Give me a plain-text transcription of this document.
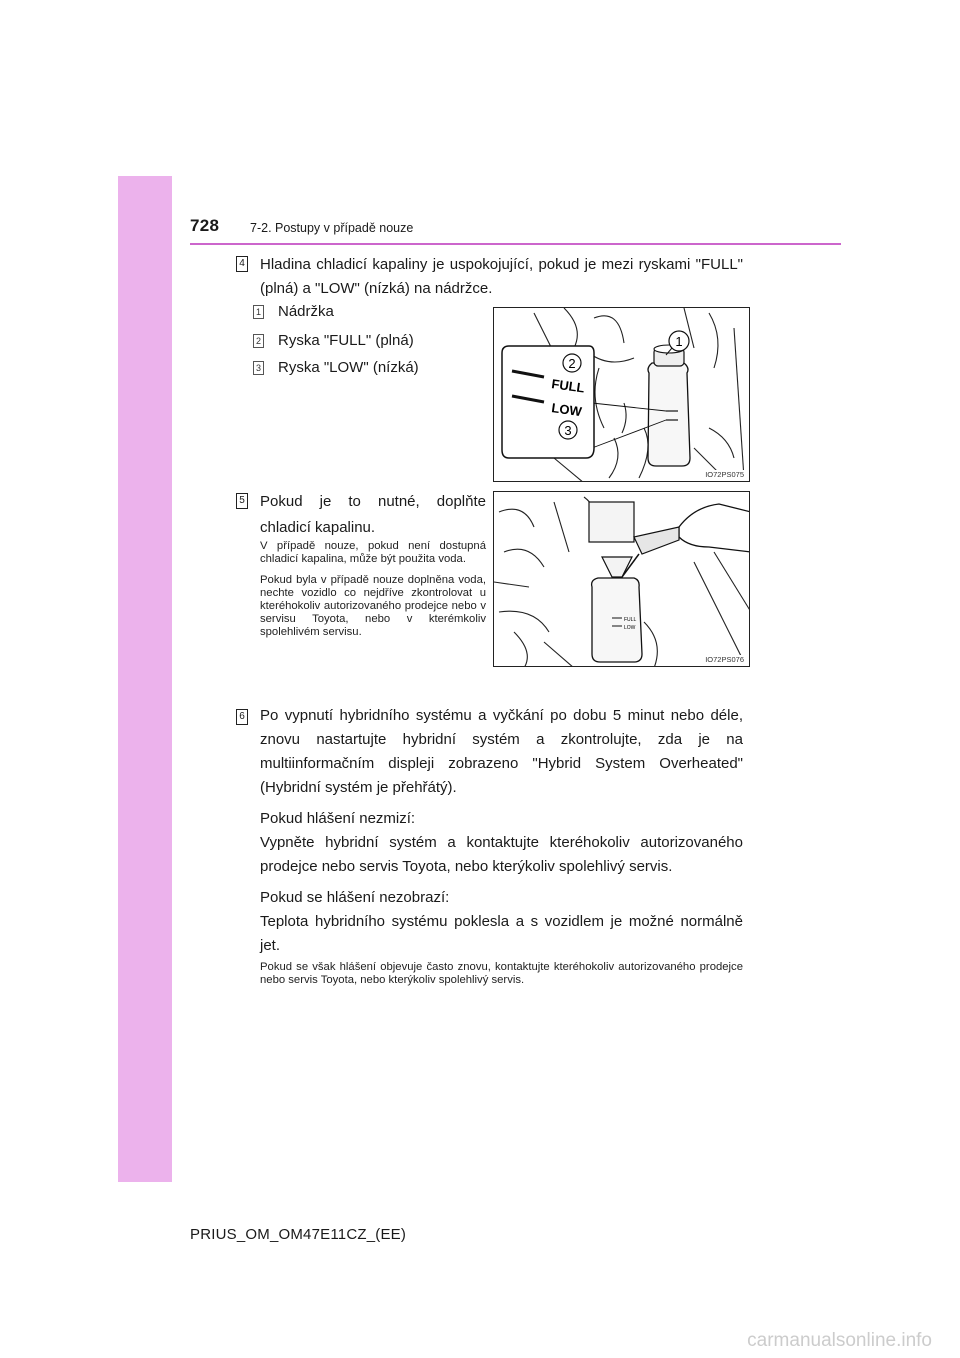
728 7-2. Postupy v případě nouze
4 Hladina chladicí kapaliny je uspokojující, pokud je mezi ryskami "FULL" (plná) a "LOW" (nízká) na nádržce.

1 Nádržka
2 Ryska "FULL" (plná)
3 Ryska "LOW" (nízká)
1
2
3
FULL
LOW
IO72PS075
5 Pokud je to nutné, doplňte chladicí kapalinu.

V případě nouze, pokud není dostupná chladicí kapalina, může být použita voda.

Pokud byla v případě nouze doplněna voda, nechte vozidlo co nejdříve zkontrolovat u kteréhokoliv autorizovaného prodejce nebo v servisu Toyota, nebo v kterémkoliv spolehlivém servisu.

FULL
LOW
IO72PS076
6 Po vypnutí hybridního systému a vyčkání po dobu 5 minut nebo déle, znovu nastartujte hybridní systém a zkontrolujte, zda je na multiinformačním displeji zobrazeno "Hybrid System Overheated" (Hybridní systém je přehřátý).

Pokud hlášení nezmizí:

Vypněte hybridní systém a kontaktujte kteréhokoliv autorizovaného prodejce nebo servis Toyota, nebo kterýkoliv spolehlivý servis.

Pokud se hlášení nezobrazí:

Teplota hybridního systému poklesla a s vozidlem je možné normálně jet.

Pokud se však hlášení objevuje často znovu, kontaktujte kteréhokoliv autorizovaného prodejce nebo servis Toyota, nebo kterýkoliv spolehlivý servis.

PRIUS_OM_OM47E11CZ_(EE)
carmanualsonline.info
